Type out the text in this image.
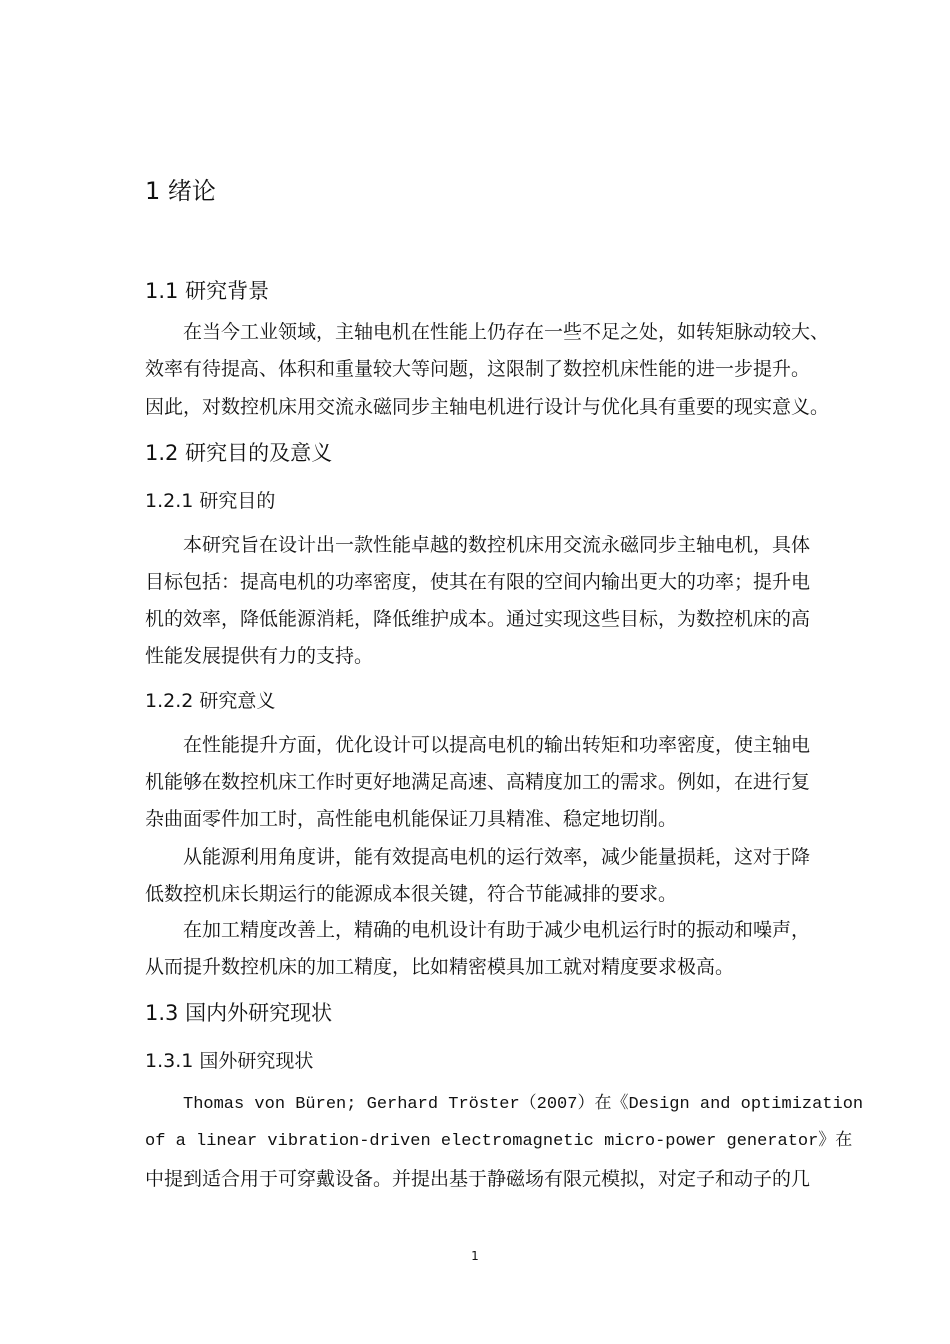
1 绪论
1.1 研究背景
在当今工业领域，主轴电机在性能上仍存在一些不足之处，如转矩脉动较大、
效率有待提高、体积和重量较大等问题，这限制了数控机床性能的进一步提升。
因此，对数控机床用交流永磁同步主轴电机进行设计与优化具有重要的现实意义。
1.2 研究目的及意义
1.2.1 研究目的
本研究旨在设计出一款性能卓越的数控机床用交流永磁同步主轴电机，具体
目标包括：提高电机的功率密度，使其在有限的空间内输出更大的功率；提升电
机的效率，降低能源消耗，降低维护成本。通过实现这些目标，为数控机床的高
性能发展提供有力的支持。
1.2.2 研究意义
在性能提升方面，优化设计可以提高电机的输出转矩和功率密度，使主轴电
机能够在数控机床工作时更好地满足高速、高精度加工的需求。例如，在进行复
杂曲面零件加工时，高性能电机能保证刀具精准、稳定地切削。
从能源利用角度讲，能有效提高电机的运行效率，减少能量损耗，这对于降
低数控机床长期运行的能源成本很关键，符合节能减排的要求。
在加工精度改善上，精确的电机设计有助于减少电机运行时的振动和噪声，
从而提升数控机床的加工精度，比如精密模具加工就对精度要求极高。
1.3 国内外研究现状
1.3.1 国外研究现状
Thomas von Büren; Gerhard Tröster（2007）在《Design and optimization
of a linear vibration-driven electromagnetic micro-power generator》在
中提到适合用于可穿戴设备。并提出基于静磁场有限元模拟，对定子和动子的几
1
